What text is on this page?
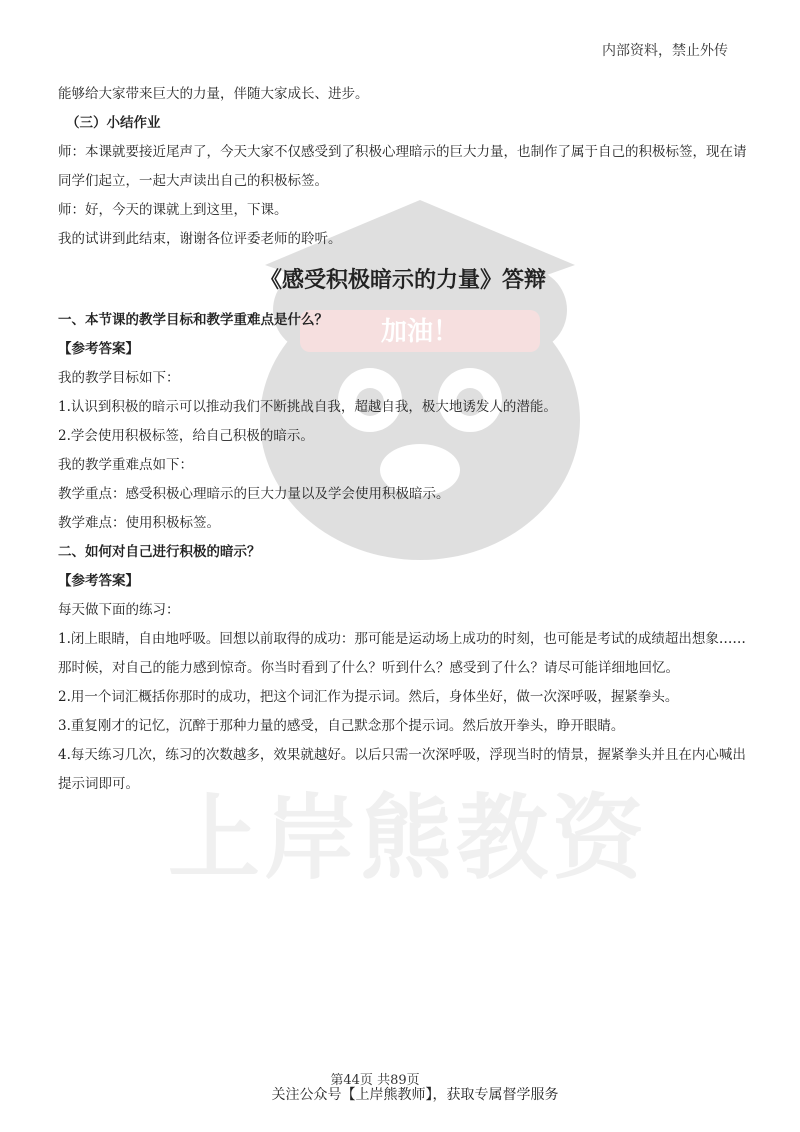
加油！
上岸熊教资
内部资料，禁止外传

能够给大家带来巨大的力量，伴随大家成长、进步。

（三）小结作业

师：本课就要接近尾声了，今天大家不仅感受到了积极心理暗示的巨大力量，也制作了属于自己的积极标签，现在请同学们起立，一起大声读出自己的积极标签。

师：好，今天的课就上到这里，下课。

我的试讲到此结束，谢谢各位评委老师的聆听。

《感受积极暗示的力量》答辩

一、本节课的教学目标和教学重难点是什么？

【参考答案】

我的教学目标如下：

1.认识到积极的暗示可以推动我们不断挑战自我，超越自我，极大地诱发人的潜能。

2.学会使用积极标签，给自己积极的暗示。

我的教学重难点如下：

教学重点：感受积极心理暗示的巨大力量以及学会使用积极暗示。

教学难点：使用积极标签。

二、如何对自己进行积极的暗示？

【参考答案】

每天做下面的练习：

1.闭上眼睛，自由地呼吸。回想以前取得的成功：那可能是运动场上成功的时刻，也可能是考试的成绩超出想象……那时候，对自己的能力感到惊奇。你当时看到了什么？听到什么？感受到了什么？请尽可能详细地回忆。

2.用一个词汇概括你那时的成功，把这个词汇作为提示词。然后，身体坐好，做一次深呼吸，握紧拳头。

3.重复刚才的记忆，沉醉于那种力量的感受，自己默念那个提示词。然后放开拳头，睁开眼睛。

4.每天练习几次，练习的次数越多，效果就越好。以后只需一次深呼吸，浮现当时的情景，握紧拳头并且在内心喊出提示词即可。

第44页 共89页
关注公众号【上岸熊教师】，获取专属督学服务
